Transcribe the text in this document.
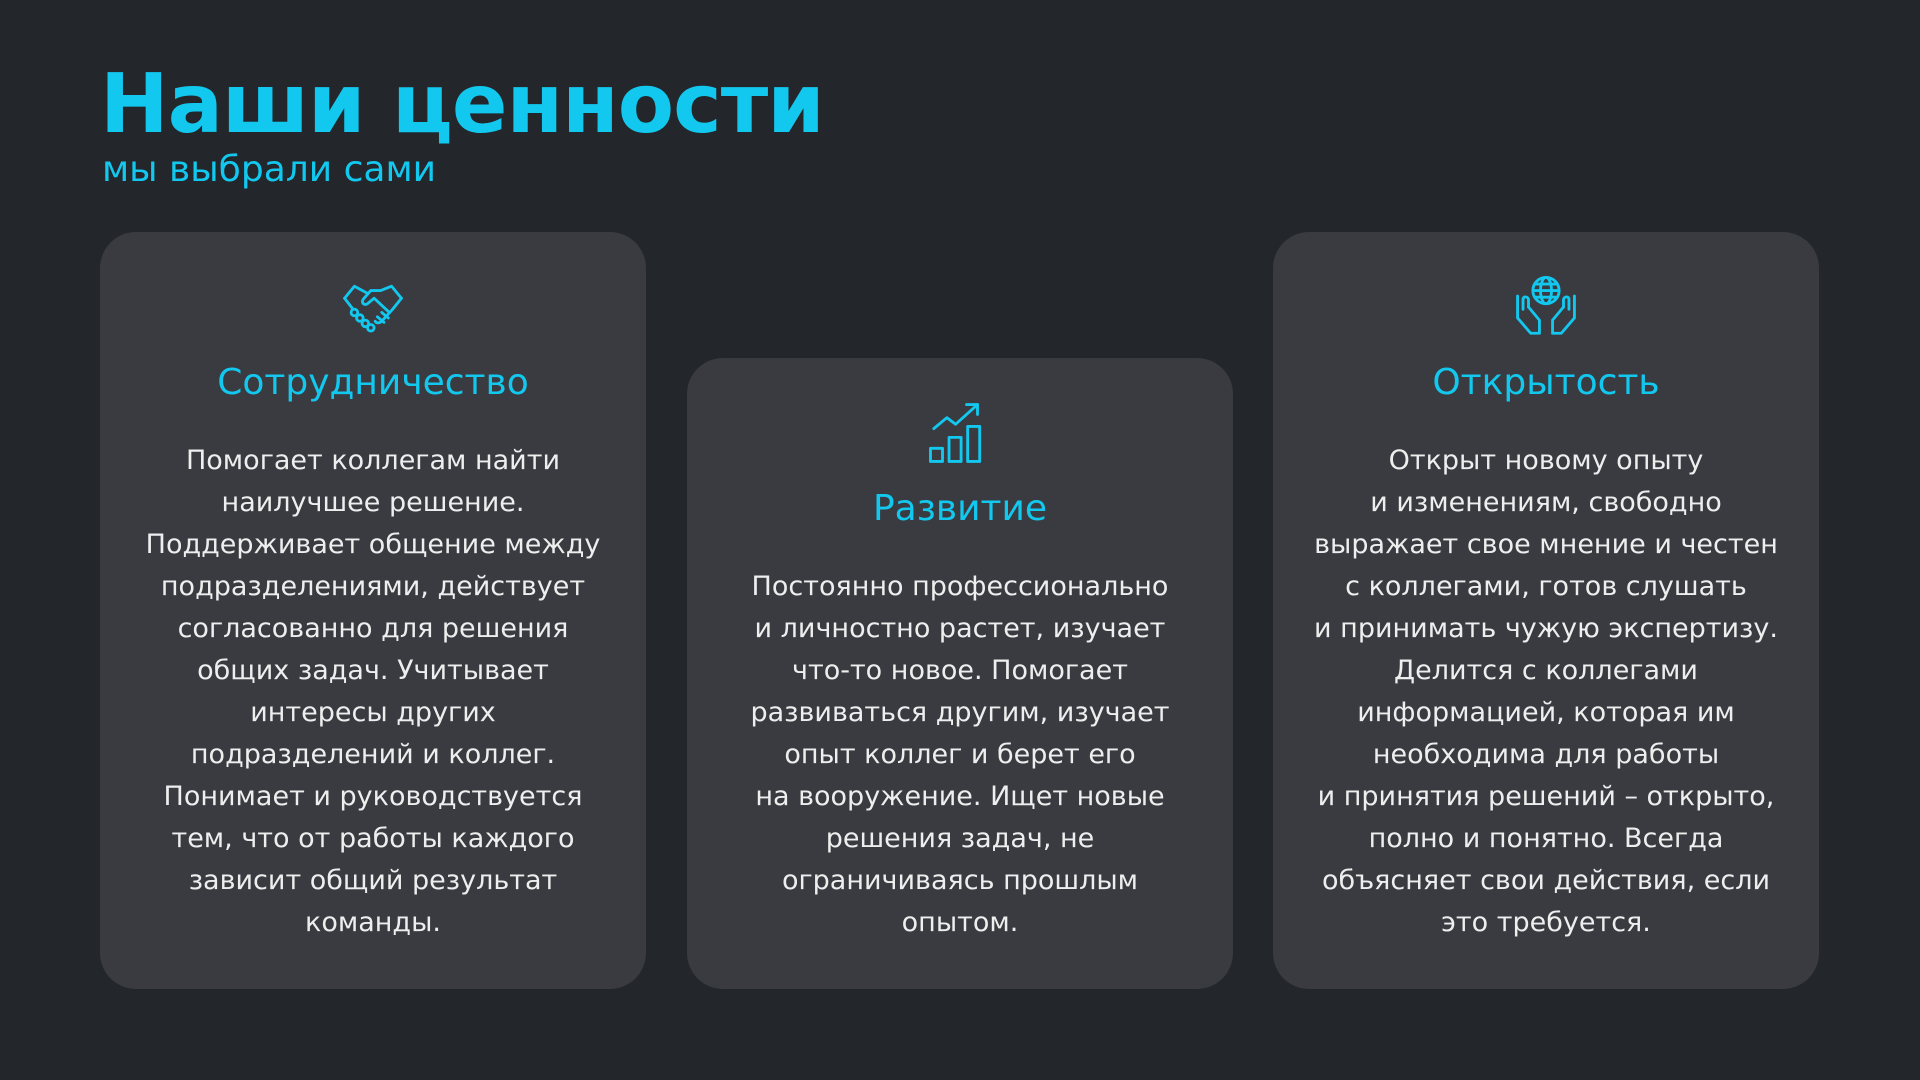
Наши ценности
мы выбрали сами
Сотрудничество
Помогает коллегам найти
наилучшее решение.
Поддерживает общение между
подразделениями, действует
согласованно для решения
общих задач. Учитывает
интересы других
подразделений и коллег.
Понимает и руководствуется
тем, что от работы каждого
зависит общий результат
команды.
Развитие
Постоянно профессионально
и личностно растет, изучает
что-то новое. Помогает
развиваться другим, изучает
опыт коллег и берет его
на вооружение. Ищет новые
решения задач, не
ограничиваясь прошлым
опытом.
Открытость
Открыт новому опыту
и изменениям, свободно
выражает свое мнение и честен
с коллегами, готов слушать
и принимать чужую экспертизу.
Делится с коллегами
информацией, которая им
необходима для работы
и принятия решений – открыто,
полно и понятно. Всегда
объясняет свои действия, если
это требуется.
